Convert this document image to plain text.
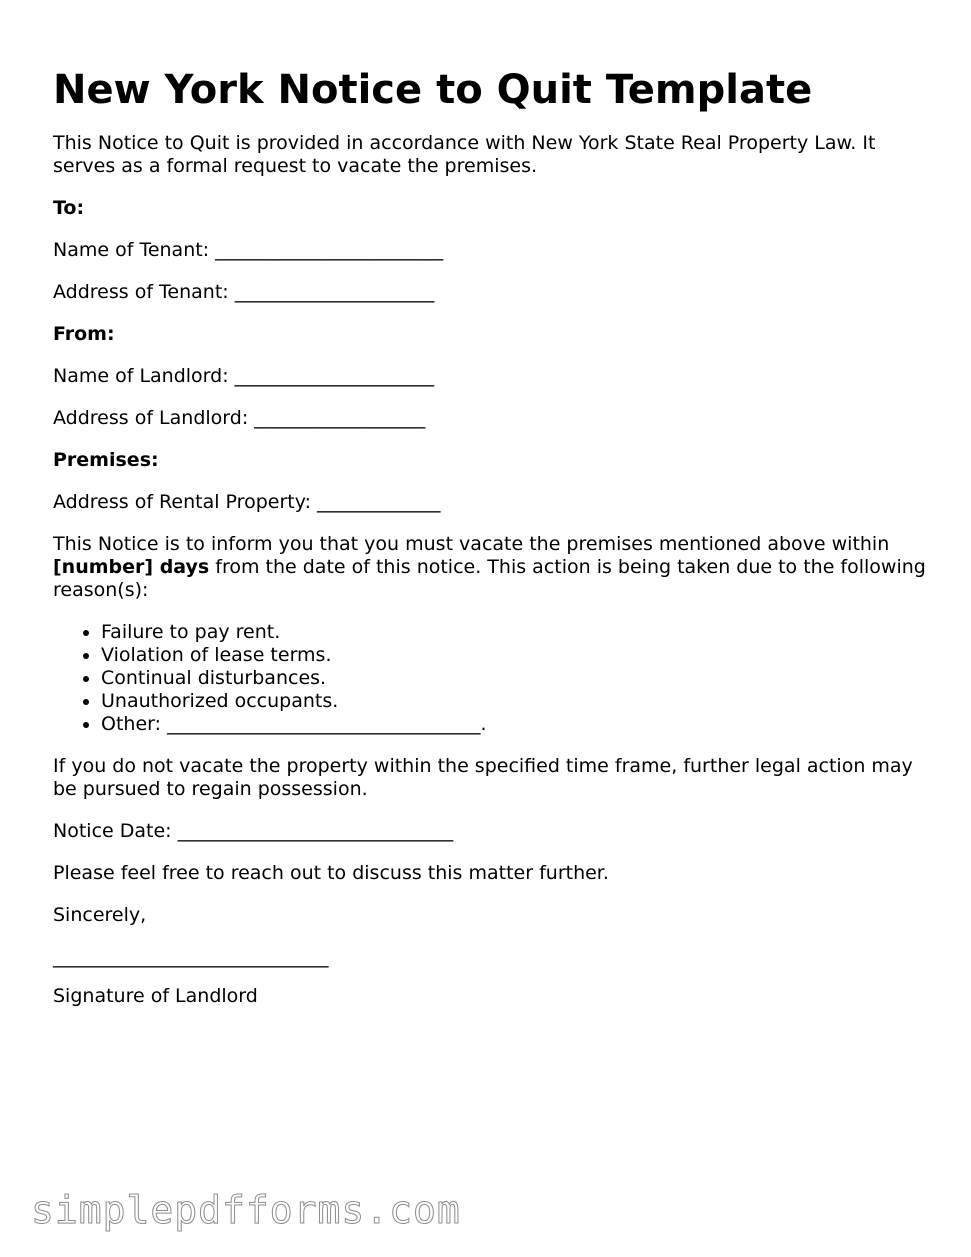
New York Notice to Quit Template

This Notice to Quit is provided in accordance with New York State Real Property Law. It serves as a formal request to vacate the premises.

To:

Name of Tenant: ________________________

Address of Tenant: _____________________

From:

Name of Landlord: _____________________

Address of Landlord: __________________

Premises:

Address of Rental Property: _____________

This Notice is to inform you that you must vacate the premises mentioned above within [number] days from the date of this notice. This action is being taken due to the following reason(s):

• Failure to pay rent.
• Violation of lease terms.
• Continual disturbances.
• Unauthorized occupants.
• Other: _________________________________.

If you do not vacate the property within the specified time frame, further legal action may be pursued to regain possession.

Notice Date: _____________________________

Please feel free to reach out to discuss this matter further.

Sincerely,

_____________________________

Signature of Landlord

simplepdfforms.com
